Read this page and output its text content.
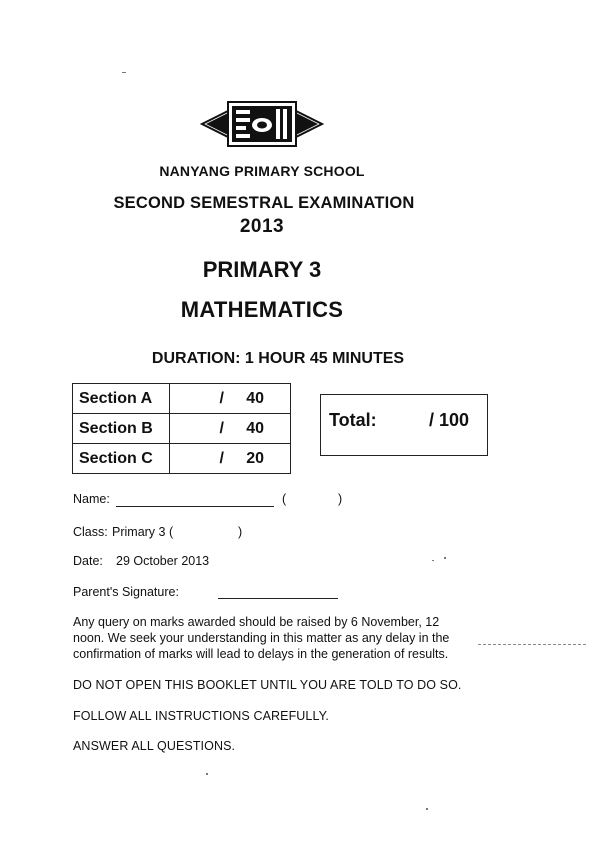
NANYANG PRIMARY SCHOOL
SECOND SEMESTRAL EXAMINATION
2013
PRIMARY 3
MATHEMATICS
DURATION: 1 HOUR 45 MINUTES
Section A	/ 40
Section B	/ 40
Section C	/ 20
Total:	/ 100
Name:	(	)
Class: Primary 3 (	)
Date: 29 October 2013
Parent's Signature:
Any query on marks awarded should be raised by 6 November, 12
noon. We seek your understanding in this matter as any delay in the
confirmation of marks will lead to delays in the generation of results.
DO NOT OPEN THIS BOOKLET UNTIL YOU ARE TOLD TO DO SO.
FOLLOW ALL INSTRUCTIONS CAREFULLY.
ANSWER ALL QUESTIONS.
